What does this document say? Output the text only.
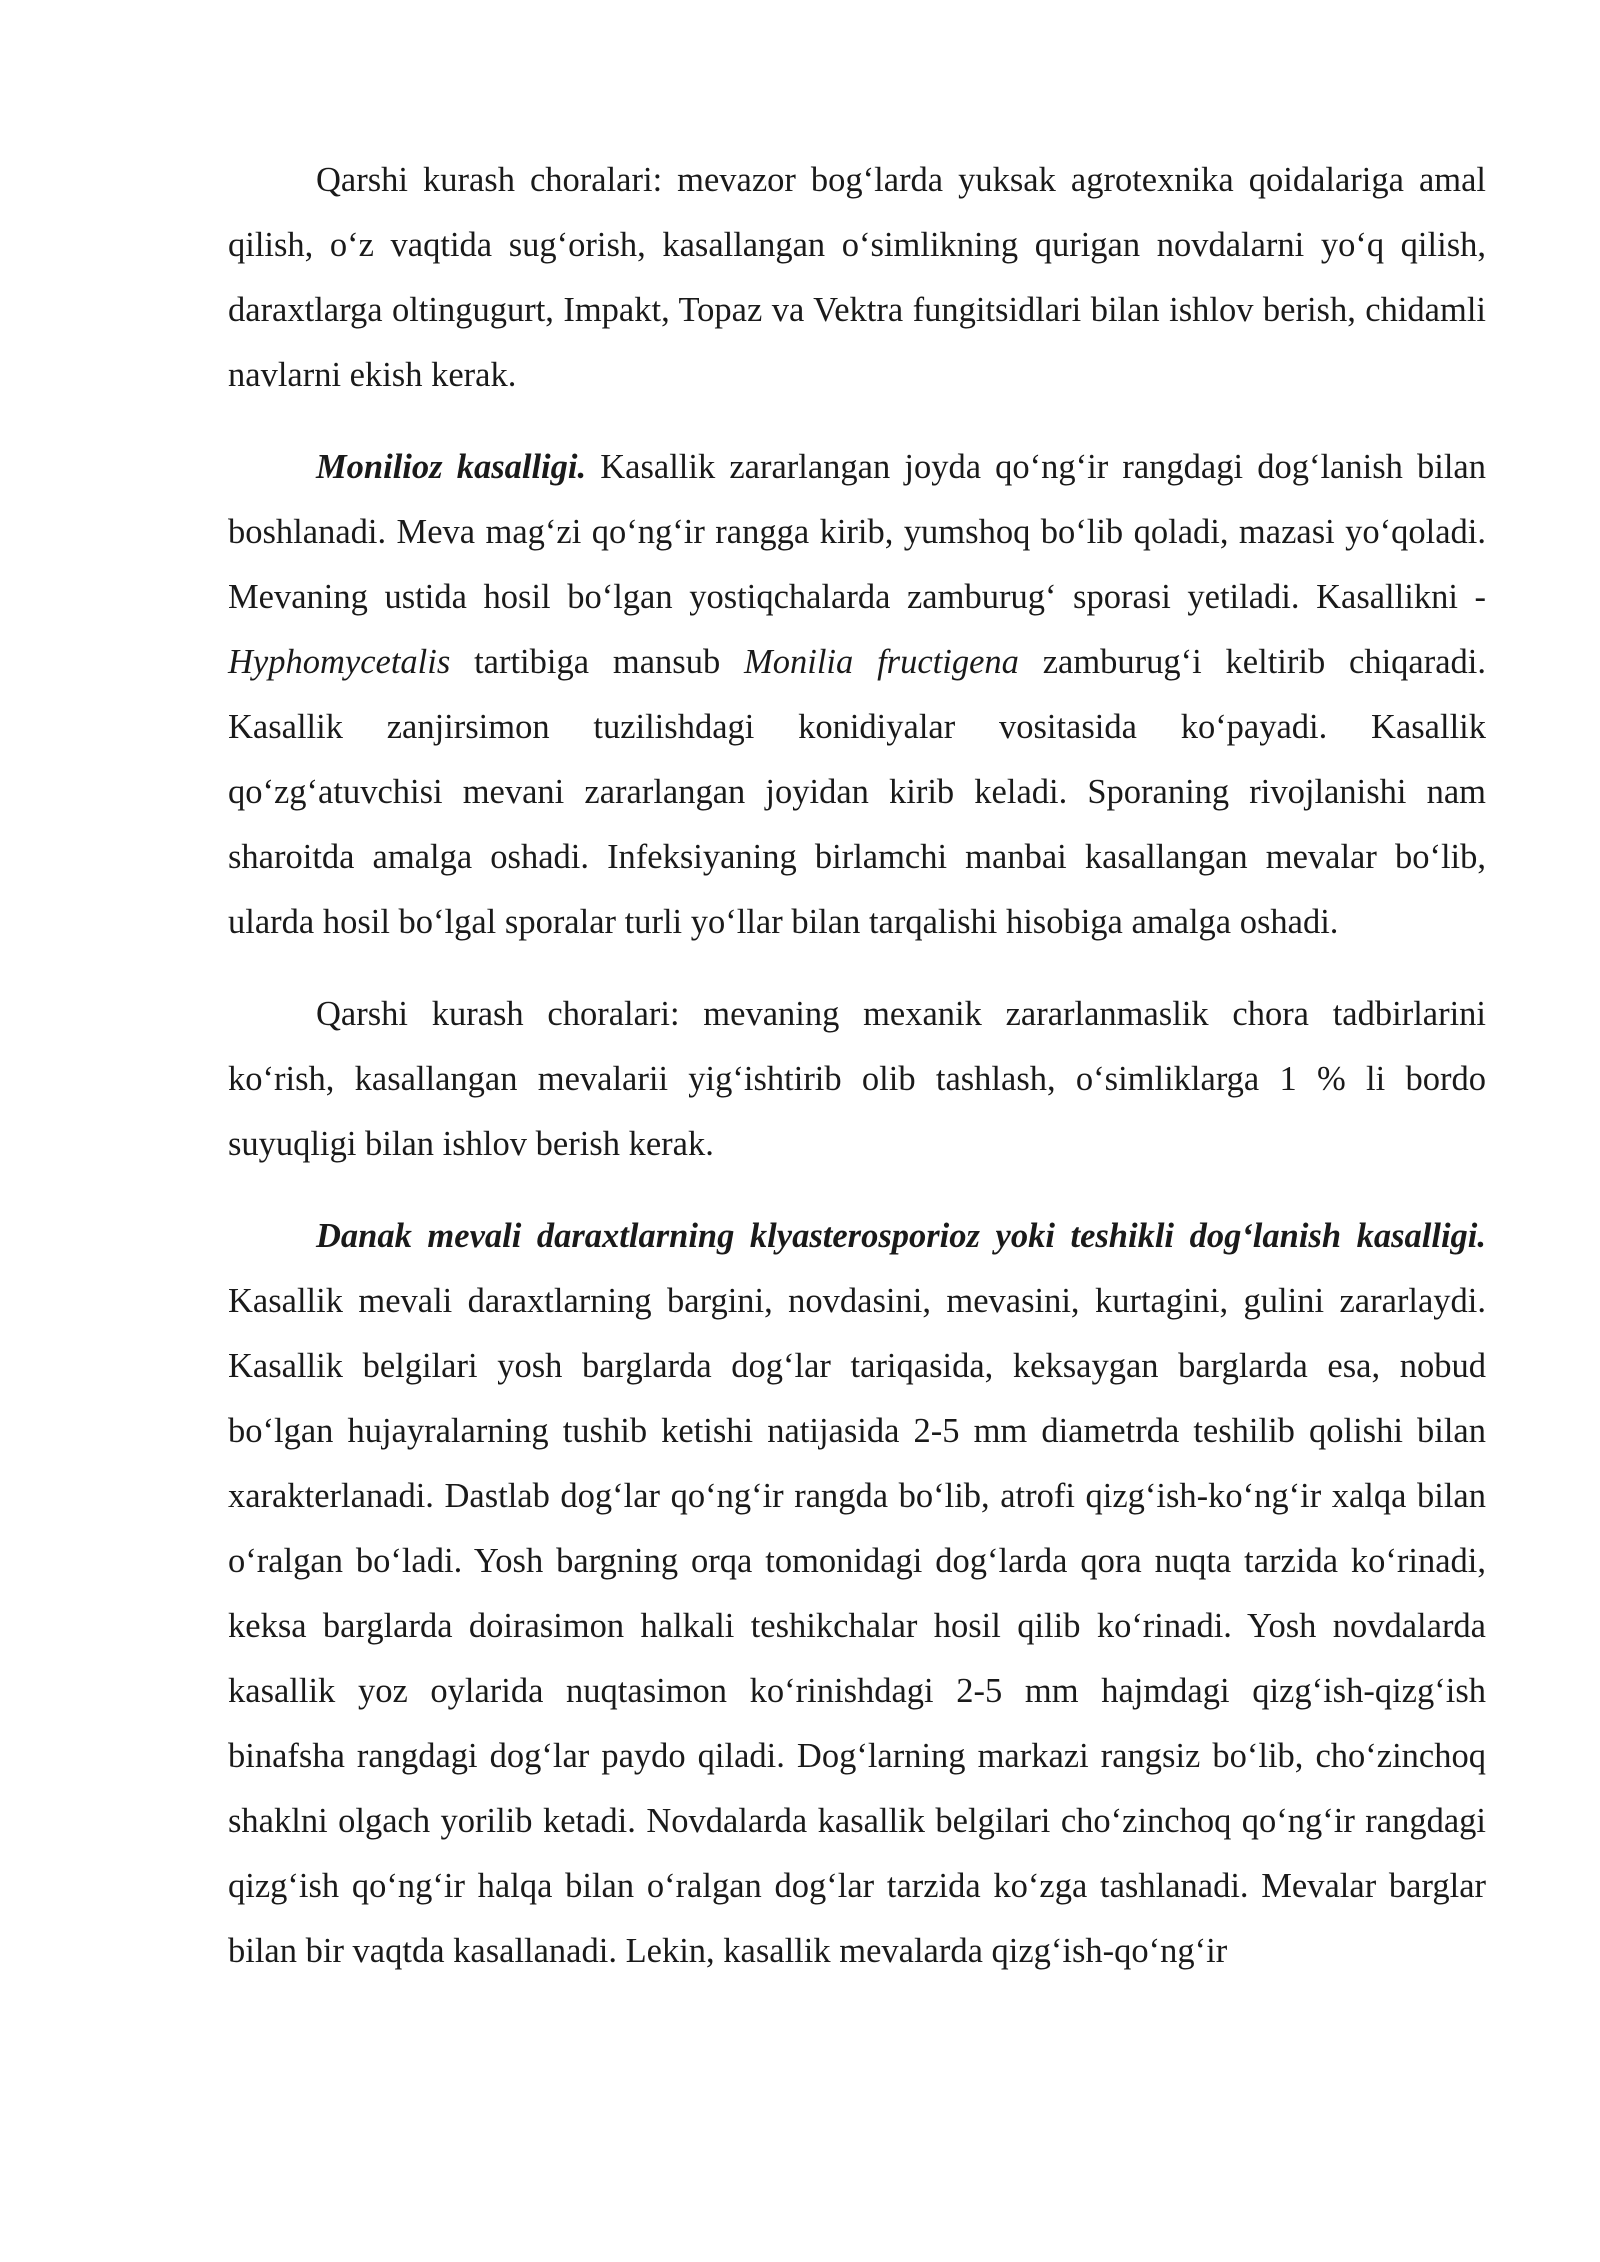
Qarshi kurash choralari: mevazor bog‘larda yuksak agrotexnika qoidalariga amal qilish, o‘z vaqtida sug‘orish, kasallangan o‘simlikning qurigan novdalarni yo‘q qilish, daraxtlarga oltingugurt, Impakt, Topaz va Vektra fungitsidlari bilan ishlov berish, chidamli navlarni ekish kerak.

Monilioz kasalligi. Kasallik zararlangan joyda qo‘ng‘ir rangdagi dog‘lanish bilan boshlanadi. Meva mag‘zi qo‘ng‘ir rangga kirib, yumshoq bo‘lib qoladi, mazasi yo‘qoladi. Mevaning ustida hosil bo‘lgan yostiqchalarda zamburug‘ sporasi yetiladi. Kasallikni - Hyphomycetalis tartibiga mansub Monilia fructigena zamburug‘i keltirib chiqaradi. Kasallik zanjirsimon tuzilishdagi konidiyalar vositasida ko‘payadi. Kasallik qo‘zg‘atuvchisi mevani zararlangan joyidan kirib keladi. Sporaning rivojlanishi nam sharoitda amalga oshadi. Infeksiyaning birlamchi manbai kasallangan mevalar bo‘lib, ularda hosil bo‘lgal sporalar turli yo‘llar bilan tarqalishi hisobiga amalga oshadi.

Qarshi kurash choralari: mevaning mexanik zararlanmaslik chora tadbirlarini ko‘rish, kasallangan mevalarii yig‘ishtirib olib tashlash, o‘simliklarga 1 % li bordo suyuqligi bilan ishlov berish kerak.

Danak mevali daraxtlarning klyasterosporioz yoki teshikli dog‘lanish kasalligi. Kasallik mevali daraxtlarning bargini, novdasini, mevasini, kurtagini, gulini zararlaydi. Kasallik belgilari yosh barglarda dog‘lar tariqasida, keksaygan barglarda esa, nobud bo‘lgan hujayralarning tushib ketishi natijasida 2-5 mm diametrda teshilib qolishi bilan xarakterlanadi. Dastlab dog‘lar qo‘ng‘ir rangda bo‘lib, atrofi qizg‘ish-ko‘ng‘ir xalqa bilan o‘ralgan bo‘ladi. Yosh bargning orqa tomonidagi dog‘larda qora nuqta tarzida ko‘rinadi, keksa barglarda doirasimon halkali teshikchalar hosil qilib ko‘rinadi. Yosh novdalarda kasallik yoz oylarida nuqtasimon ko‘rinishdagi 2-5 mm hajmdagi qizg‘ish-qizg‘ish binafsha rangdagi dog‘lar paydo qiladi. Dog‘larning markazi rangsiz bo‘lib, cho‘zinchoq shaklni olgach yorilib ketadi. Novdalarda kasallik belgilari cho‘zinchoq qo‘ng‘ir rangdagi qizg‘ish qo‘ng‘ir halqa bilan o‘ralgan dog‘lar tarzida ko‘zga tashlanadi. Mevalar barglar bilan bir vaqtda kasallanadi. Lekin, kasallik mevalarda qizg‘ish-qo‘ng‘ir
